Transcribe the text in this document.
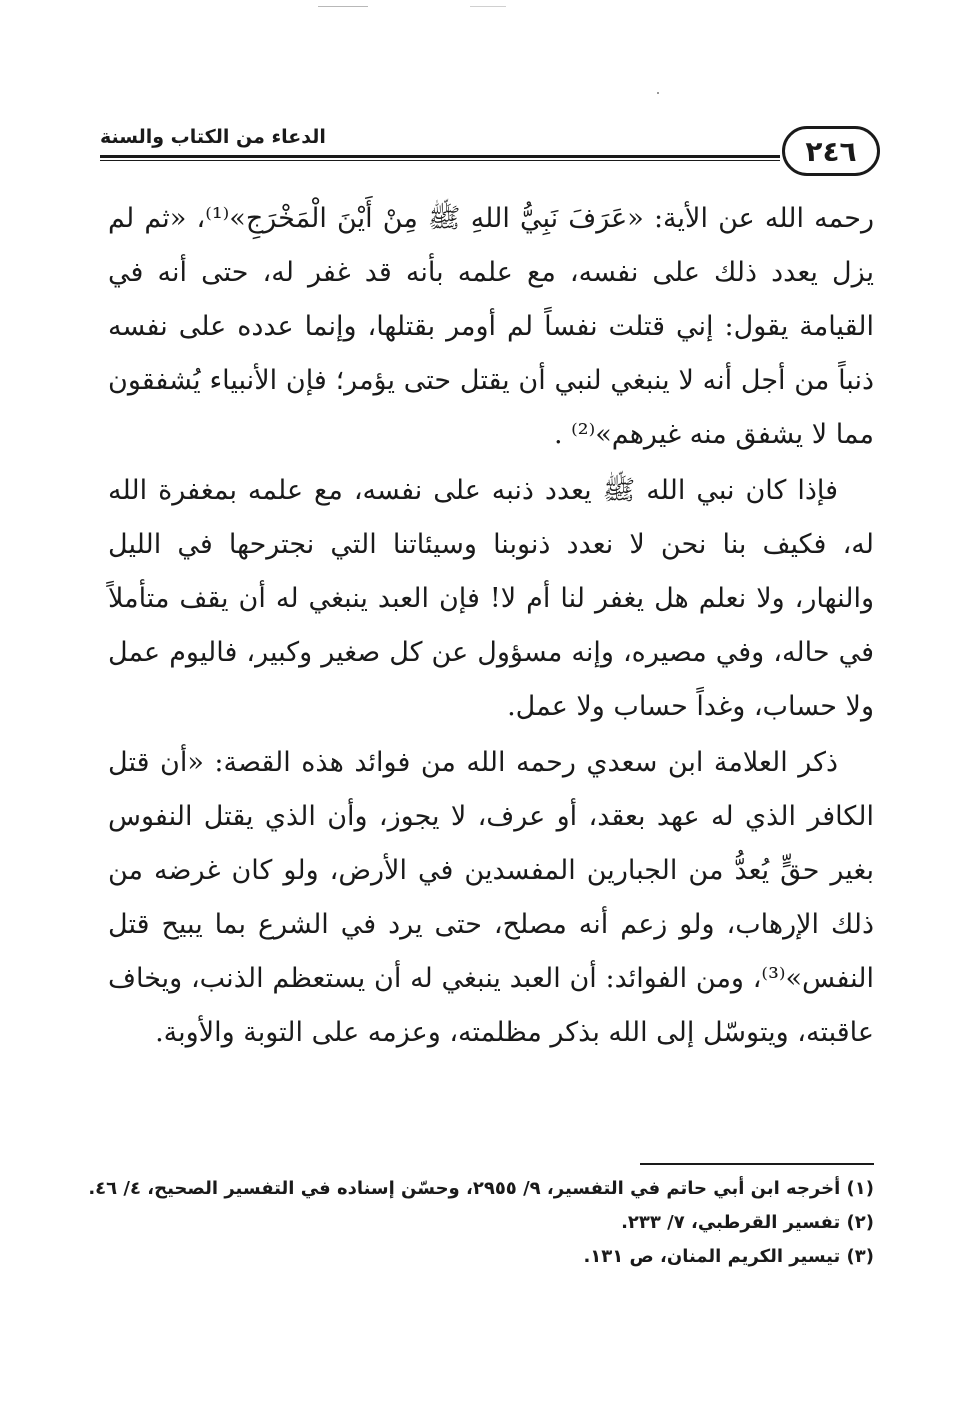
الدعاء من الكتاب والسنة	٢٤٦

رحمه الله عن الأية: «عَرَفَ نَبِيُّ اللهِ ﷺ مِنْ أَيْنَ الْمَخْرَجِ»⁽¹⁾، «ثم لم يزل يعدد ذلك على نفسه، مع علمه بأنه قد غفر له، حتى أنه في القيامة يقول: إني قتلت نفساً لم أومر بقتلها، وإنما عدده على نفسه ذنباً من أجل أنه لا ينبغي لنبي أن يقتل حتى يؤمر؛ فإن الأنبياء يُشفقون مما لا يشفق منه غيرهم»⁽²⁾ .

فإذا كان نبي الله ﷺ يعدد ذنبه على نفسه، مع علمه بمغفرة الله له، فكيف بنا نحن لا نعدد ذنوبنا وسيئاتنا التي نجترحها في الليل والنهار، ولا نعلم هل يغفر لنا أم لا! فإن العبد ينبغي له أن يقف متأملاً في حاله، وفي مصيره، وإنه مسؤول عن كل صغير وكبير، فاليوم عمل ولا حساب، وغداً حساب ولا عمل.

ذكر العلامة ابن سعدي رحمه الله من فوائد هذه القصة: «أن قتل الكافر الذي له عهد بعقد، أو عرف، لا يجوز، وأن الذي يقتل النفوس بغير حقٍّ يُعدُّ من الجبارين المفسدين في الأرض، ولو كان غرضه من ذلك الإرهاب، ولو زعم أنه مصلح، حتى يرد في الشرع بما يبيح قتل النفس»⁽³⁾، ومن الفوائد: أن العبد ينبغي له أن يستعظم الذنب، ويخاف عاقبته، ويتوسّل إلى الله بذكر مظلمته، وعزمه على التوبة والأوبة.

(١) أخرجه ابن أبي حاتم في التفسير، ٩/ ٢٩٥٥، وحسّن إسناده في التفسير الصحيح، ٤/ ٤٦.
(٢) تفسير القرطبي، ٧/ ٢٣٣.
(٣) تيسير الكريم المنان، ص ١٣١.
